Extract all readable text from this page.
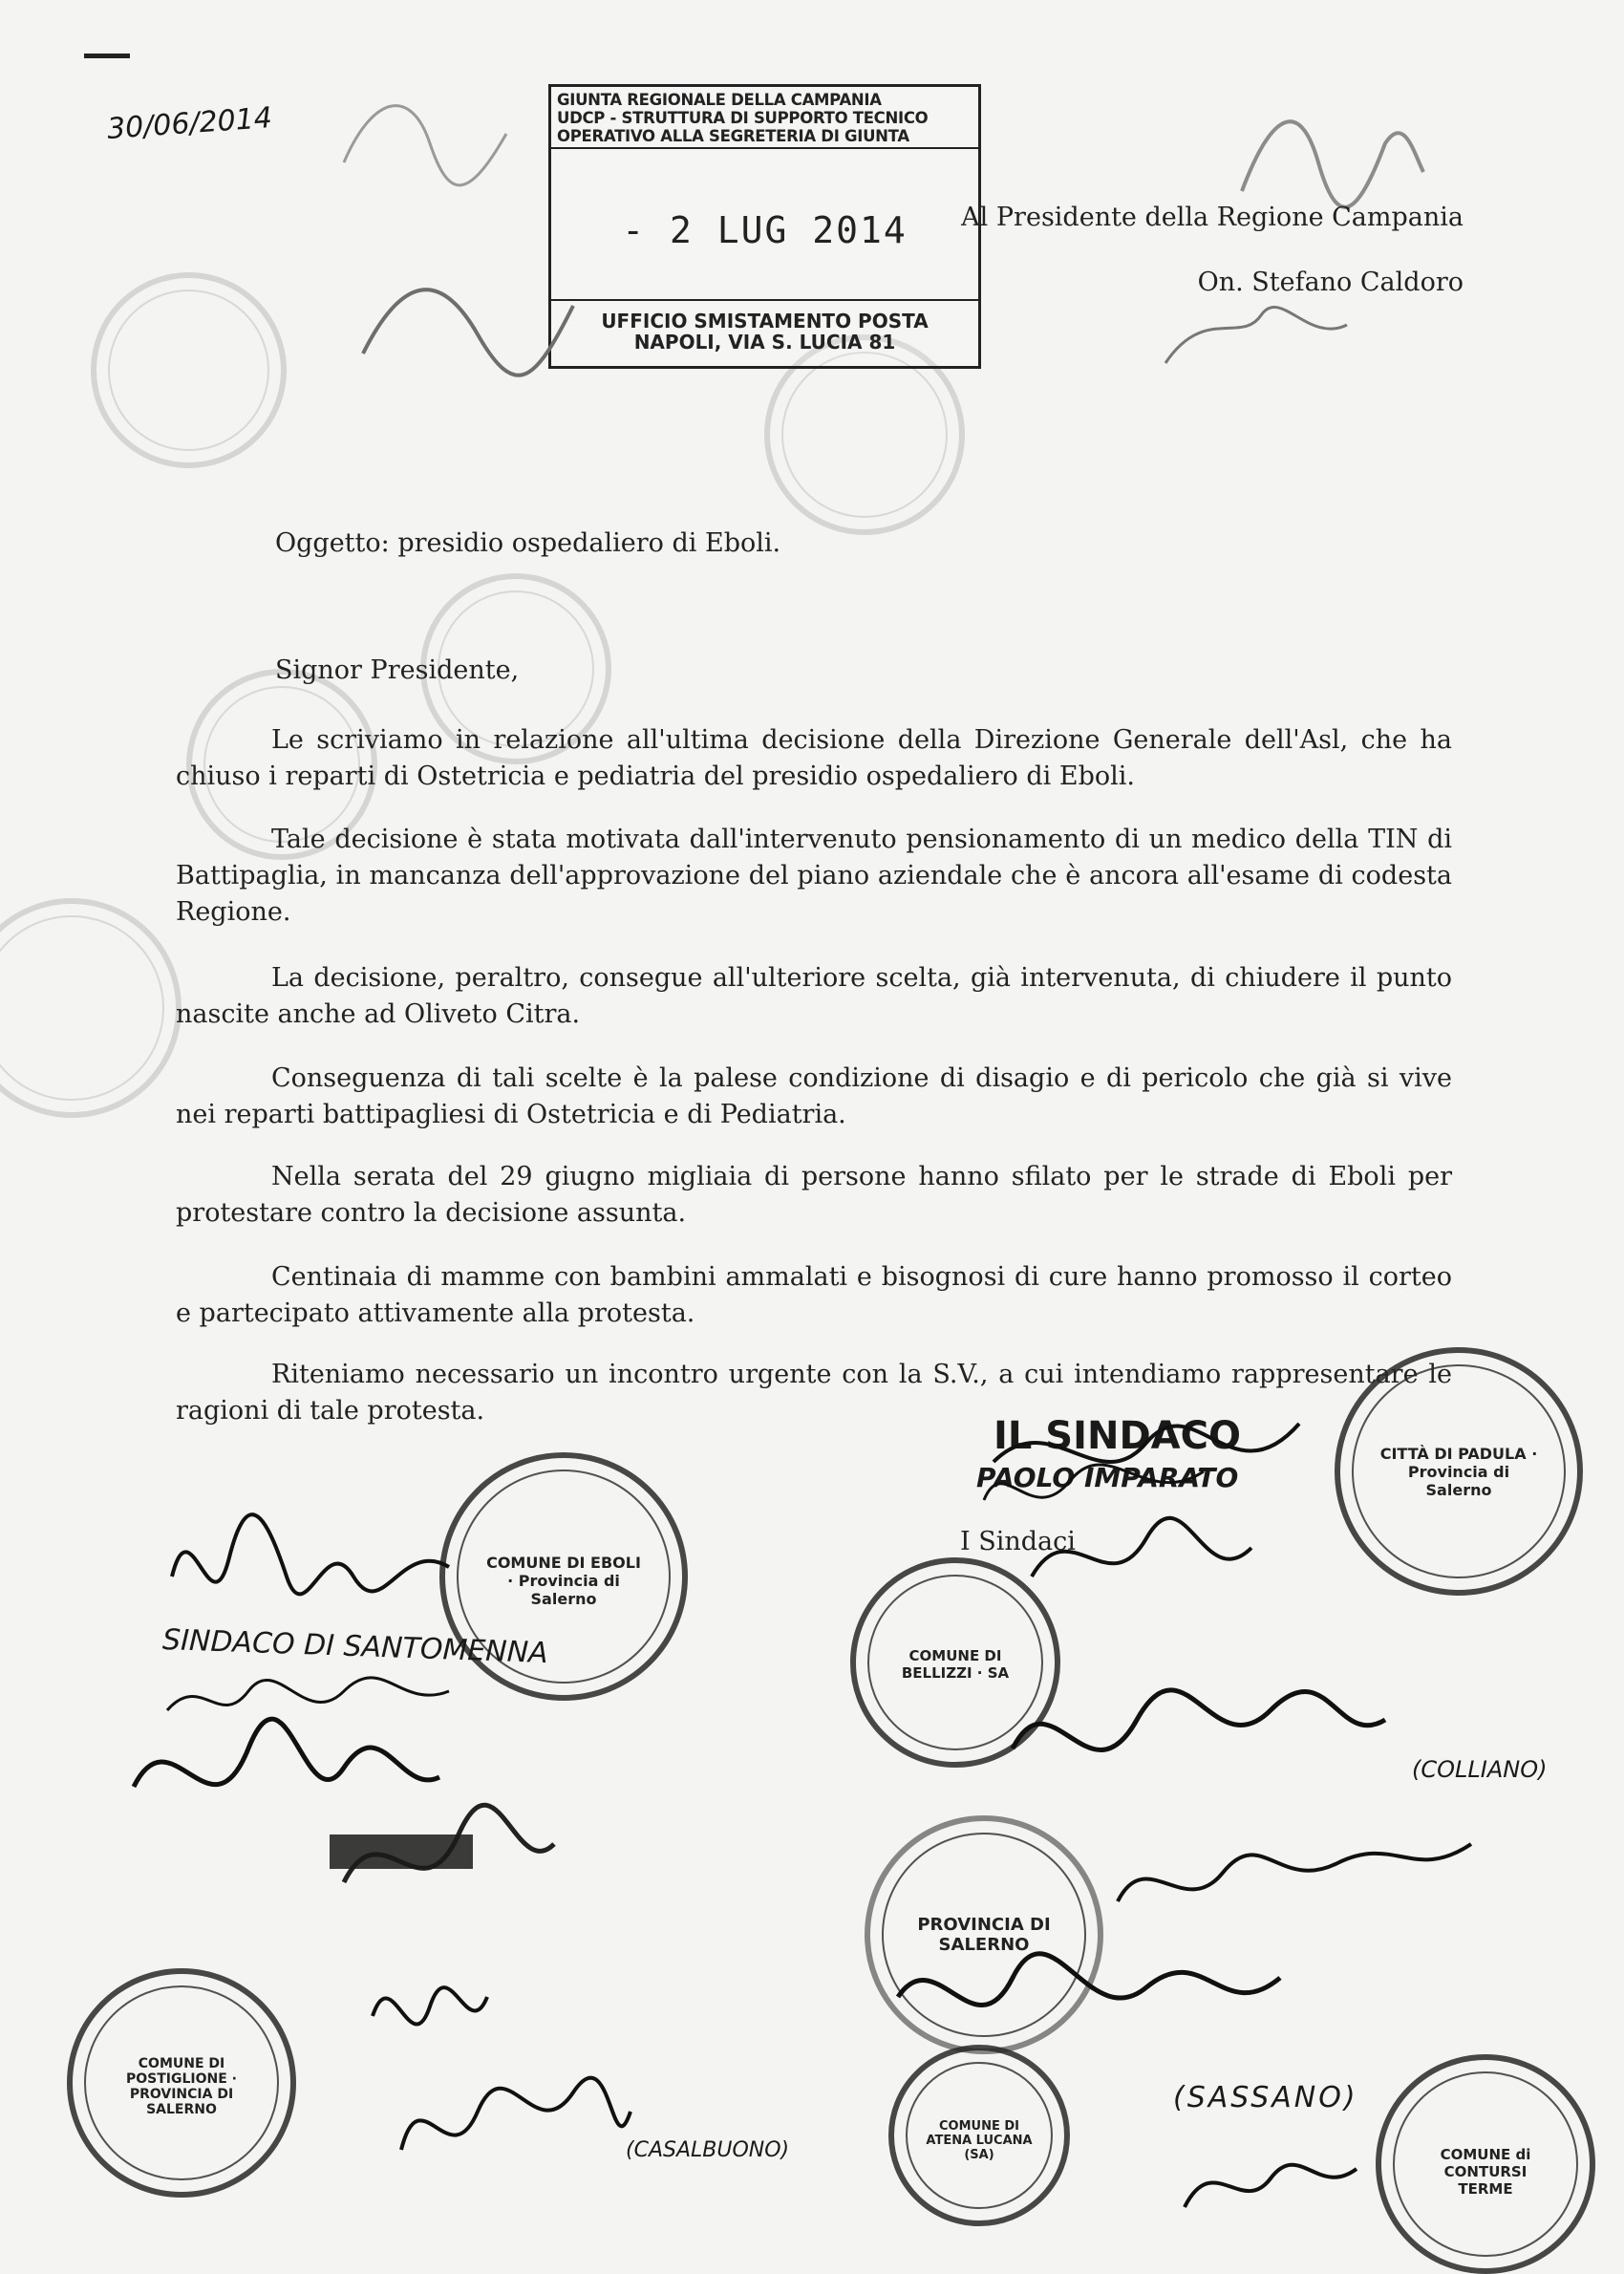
30/06/2014
GIUNTA REGIONALE DELLA CAMPANIA
UDCP - STRUTTURA DI SUPPORTO TECNICO
OPERATIVO ALLA SEGRETERIA DI GIUNTA
- 2 LUG 2014
UFFICIO SMISTAMENTO POSTA
NAPOLI, VIA S. LUCIA 81
Al Presidente della Regione Campania
On. Stefano Caldoro
Oggetto: presidio ospedaliero di Eboli.
Signor Presidente,
Le scriviamo in relazione all'ultima decisione della Direzione Generale dell'Asl, che ha chiuso i reparti di Ostetricia e pediatria del presidio ospedaliero di Eboli.
Tale decisione è stata motivata dall'intervenuto pensionamento di un medico della TIN di Battipaglia, in mancanza dell'approvazione del piano aziendale che è ancora all'esame di codesta Regione.
La decisione, peraltro, consegue all'ulteriore scelta, già intervenuta, di chiudere il punto nascite anche ad Oliveto Citra.
Conseguenza di tali scelte è la palese condizione di disagio e di pericolo che già si vive nei reparti battipagliesi di Ostetricia e di Pediatria.
Nella serata del 29 giugno migliaia di persone hanno sfilato per le strade di Eboli per protestare contro la decisione assunta.
Centinaia di mamme con bambini ammalati e bisognosi di cure hanno promosso il corteo e partecipato attivamente alla protesta.
Riteniamo necessario un incontro urgente con la S.V., a cui intendiamo rappresentare le ragioni di tale protesta.
CITTÀ DI PADULA · Provincia di Salerno
IL SINDACO
PAOLO IMPARATO
I Sindaci
COMUNE DI EBOLI · Provincia di Salerno
COMUNE DI BELLIZZI · SA
SINDACO DI SANTOMENNA
(COLLIANO)
(SASSANO)
(CASALBUONO)
PROVINCIA DI SALERNO
COMUNE DI POSTIGLIONE · PROVINCIA DI SALERNO
COMUNE DI ATENA LUCANA (SA)	COMUNE di CONTURSI TERME
